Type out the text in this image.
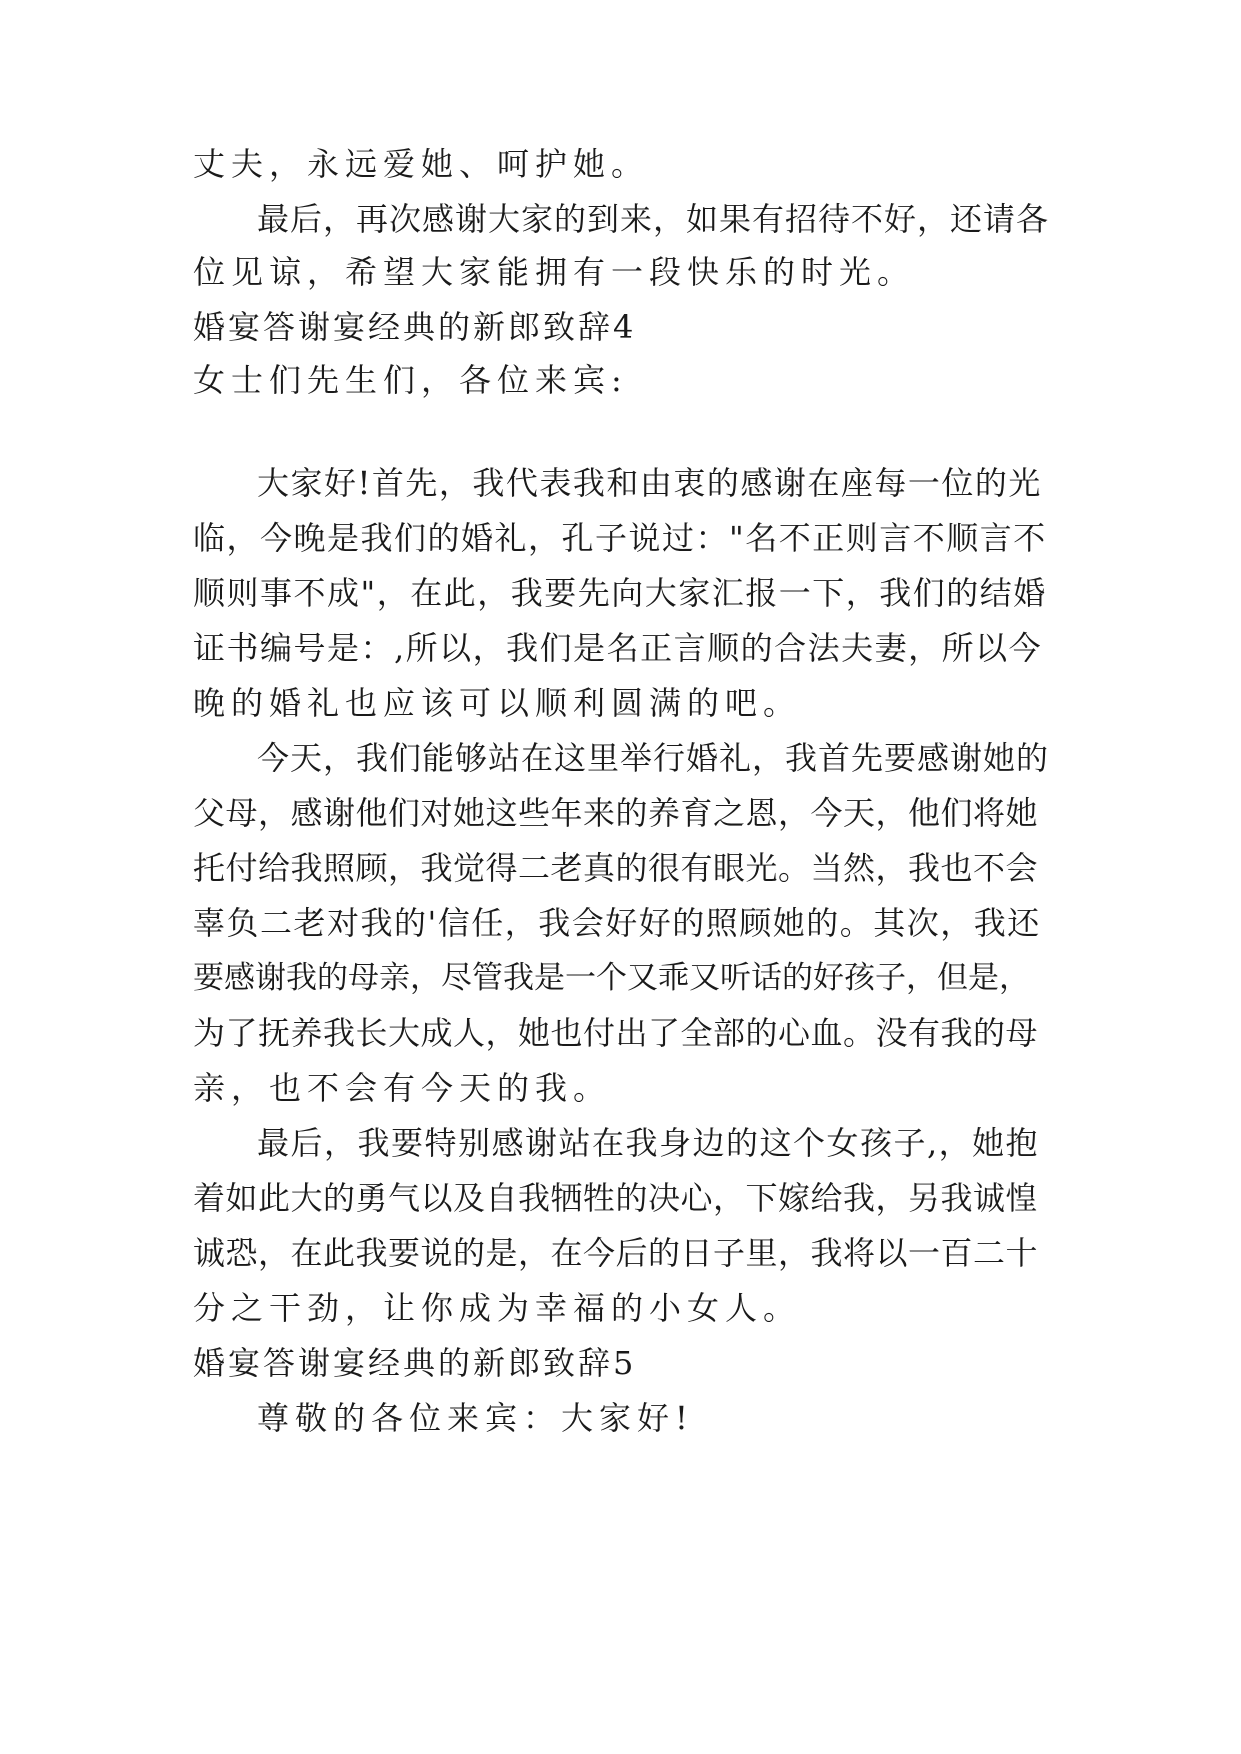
丈夫，永远爱她、呵护她。

最后，再次感谢大家的到来，如果有招待不好，还请各

位见谅，希望大家能拥有一段快乐的时光。

婚宴答谢宴经典的新郎致辞4

女士们先生们，各位来宾:

大家好!首先，我代表我和由衷的感谢在座每一位的光

临，今晚是我们的婚礼，孔子说过："名不正则言不顺言不

顺则事不成"，在此，我要先向大家汇报一下，我们的结婚

证书编号是：,所以，我们是名正言顺的合法夫妻，所以今

晚的婚礼也应该可以顺利圆满的吧。

今天，我们能够站在这里举行婚礼，我首先要感谢她的

父母，感谢他们对她这些年来的养育之恩，今天，他们将她

托付给我照顾，我觉得二老真的很有眼光。当然，我也不会

辜负二老对我的'信任，我会好好的照顾她的。其次，我还

要感谢我的母亲，尽管我是一个又乖又听话的好孩子，但是，

为了抚养我长大成人，她也付出了全部的心血。没有我的母

亲，也不会有今天的我。

最后，我要特别感谢站在我身边的这个女孩子,，她抱

着如此大的勇气以及自我牺牲的决心，下嫁给我，另我诚惶

诚恐，在此我要说的是，在今后的日子里，我将以一百二十

分之干劲，让你成为幸福的小女人。

婚宴答谢宴经典的新郎致辞5

尊敬的各位来宾：大家好!
